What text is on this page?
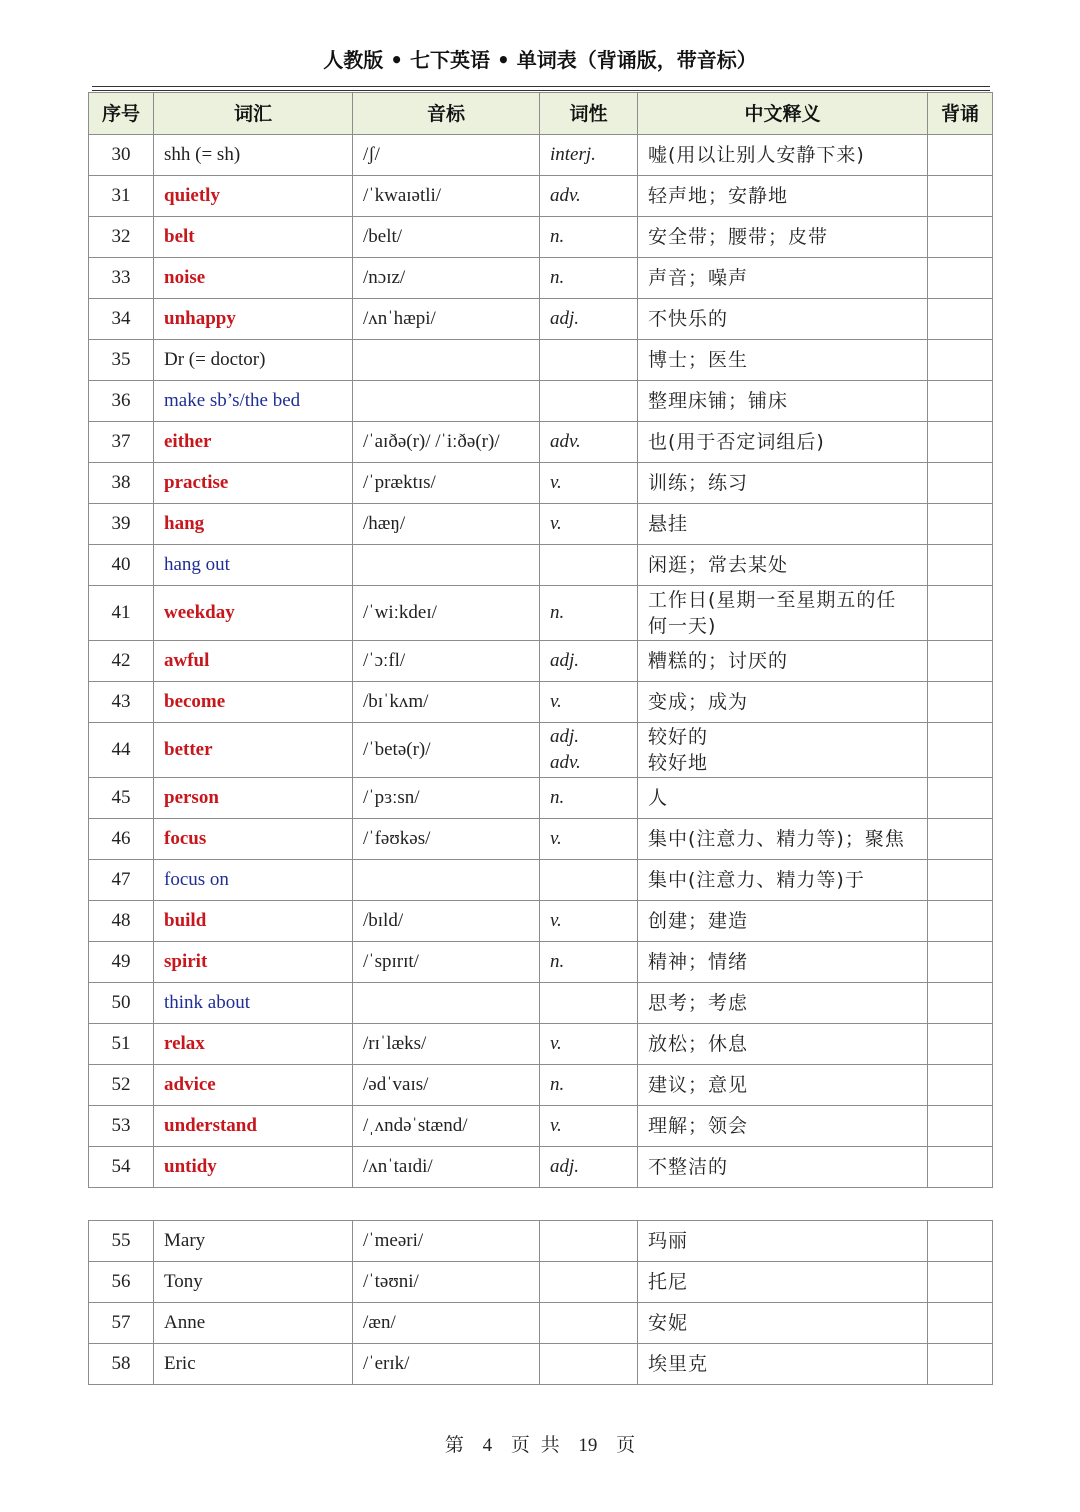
人教版 • 七下英语 • 单词表（背诵版，带音标）
序号	词汇	音标	词性	中文释义	背诵
30	shh (= sh)	/ʃ/	interj.	嘘(用以让别人安静下来)	

31	quietly	/ˈkwaɪətli/	adv.	轻声地；安静地	

32	belt	/belt/	n.	安全带；腰带；皮带	

33	noise	/nɔɪz/	n.	声音；噪声	

34	unhappy	/ʌnˈhæpi/	adj.	不快乐的	

35	Dr (= doctor)			博士；医生	

36	make sb’s/the bed			整理床铺；铺床	

37	either	/ˈaɪðə(r)/ /ˈiːðə(r)/	adv.	也(用于否定词组后)	

38	practise	/ˈpræktɪs/	v.	训练；练习	

39	hang	/hæŋ/	v.	悬挂	

40	hang out			闲逛；常去某处	

41	weekday	/ˈwiːkdeɪ/	n.	工作日(星期一至星期五的任
何一天)	

42	awful	/ˈɔːfl/	adj.	糟糕的；讨厌的	

43	become	/bɪˈkʌm/	v.	变成；成为	

44	better	/ˈbetə(r)/	adj.
adv.	较好的
较好地	

45	person	/ˈpɜːsn/	n.	人	

46	focus	/ˈfəʊkəs/	v.	集中(注意力、精力等)；聚焦	

47	focus on			集中(注意力、精力等)于	

48	build	/bɪld/	v.	创建；建造	

49	spirit	/ˈspɪrɪt/	n.	精神；情绪	

50	think about			思考；考虑	

51	relax	/rɪˈlæks/	v.	放松；休息	

52	advice	/ədˈvaɪs/	n.	建议；意见	

53	understand	/ˌʌndəˈstænd/	v.	理解；领会	

54	untidy	/ʌnˈtaɪdi/	adj.	不整洁的	

55	Mary	/ˈmeəri/		玛丽	

56	Tony	/ˈtəʊni/		托尼	

57	Anne	/æn/		安妮	

58	Eric	/ˈerɪk/		埃里克	

第 4 页 共 19 页
